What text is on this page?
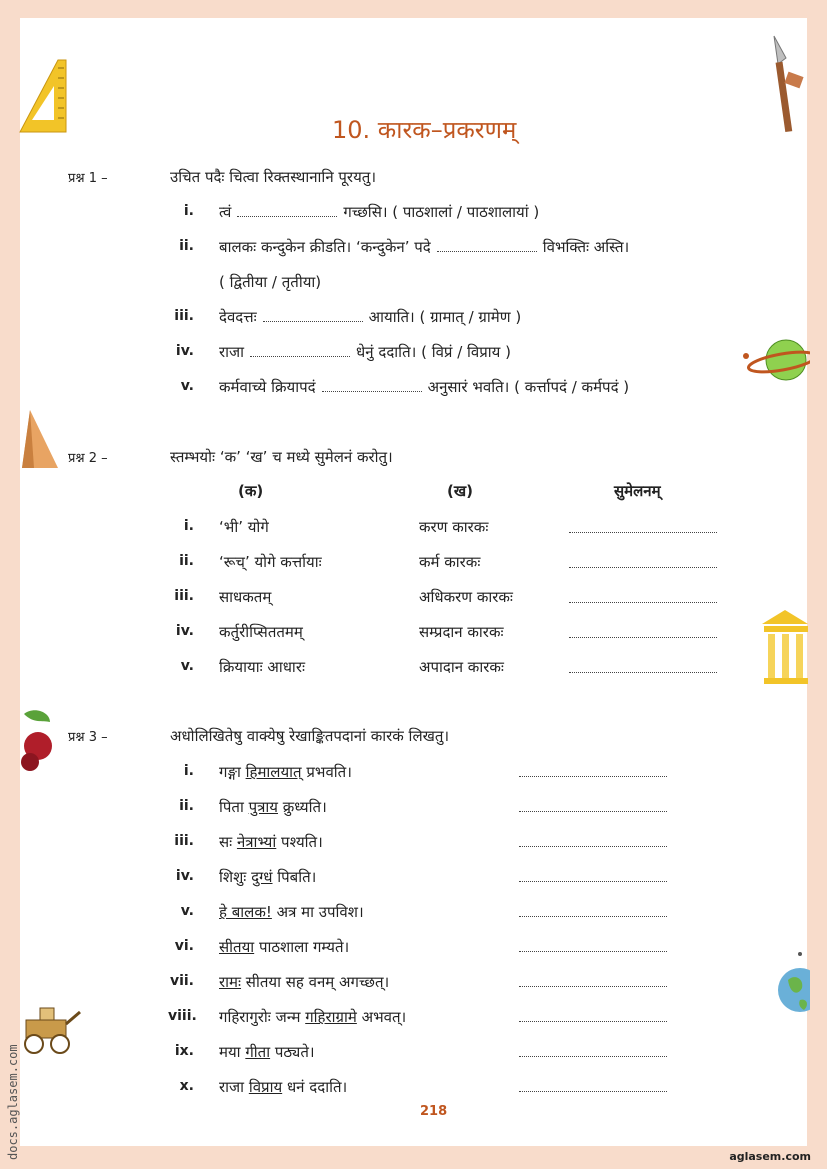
10. कारक–प्रकरणम्
प्रश्न 1 –	उचित पदैः चित्वा रिक्तस्थानानि पूरयतु।
i. त्वं	गच्छसि। ( पाठशालां / पाठशालायां )
ii. बालकः कन्दुकेन क्रीडति। ‘कन्दुकेन’ पदे	विभक्तिः अस्ति।
( द्वितीया / तृतीया)
iii. देवदत्तः	आयाति। ( ग्रामात् / ग्रामेण )
iv. राजा	धेनुं ददाति। ( विप्रं / विप्राय )
v. कर्मवाच्ये क्रियापदं	अनुसारं भवति। ( कर्त्तापदं / कर्मपदं )
प्रश्न 2 –	स्तम्भयोः ‘क’ ‘ख’ च मध्ये सुमेलनं करोतु।
(क)	(ख)	सुमेलनम्
i. ‘भी’ योगे	करण कारकः
ii. ‘रूच्’ योगे कर्त्तायाः	कर्म कारकः
iii. साधकतम्	अधिकरण कारकः
iv. कर्तुरीप्सिततमम्	सम्प्रदान कारकः
v. क्रियायाः आधारः	अपादान कारकः
प्रश्न 3 –	अधोलिखितेषु वाक्येषु रेखाङ्कितपदानां कारकं लिखतु।
i. गङ्गा हिमालयात् प्रभवति।
ii. पिता पुत्राय क्रुध्यति।
iii. सः नेत्राभ्यां पश्यति।
iv. शिशुः दुग्धं पिबति।
v. हे बालक! अत्र मा उपविश।
vi. सीतया पाठशाला गम्यते।
vii. रामः सीतया सह वनम् अगच्छत्।
viii. गहिरागुरोः जन्म गहिराग्रामे अभवत्।
ix. मया गीता पठ्यते।
x. राजा विप्राय धनं ददाति।
218
aglasem.com
docs.aglasem.com
